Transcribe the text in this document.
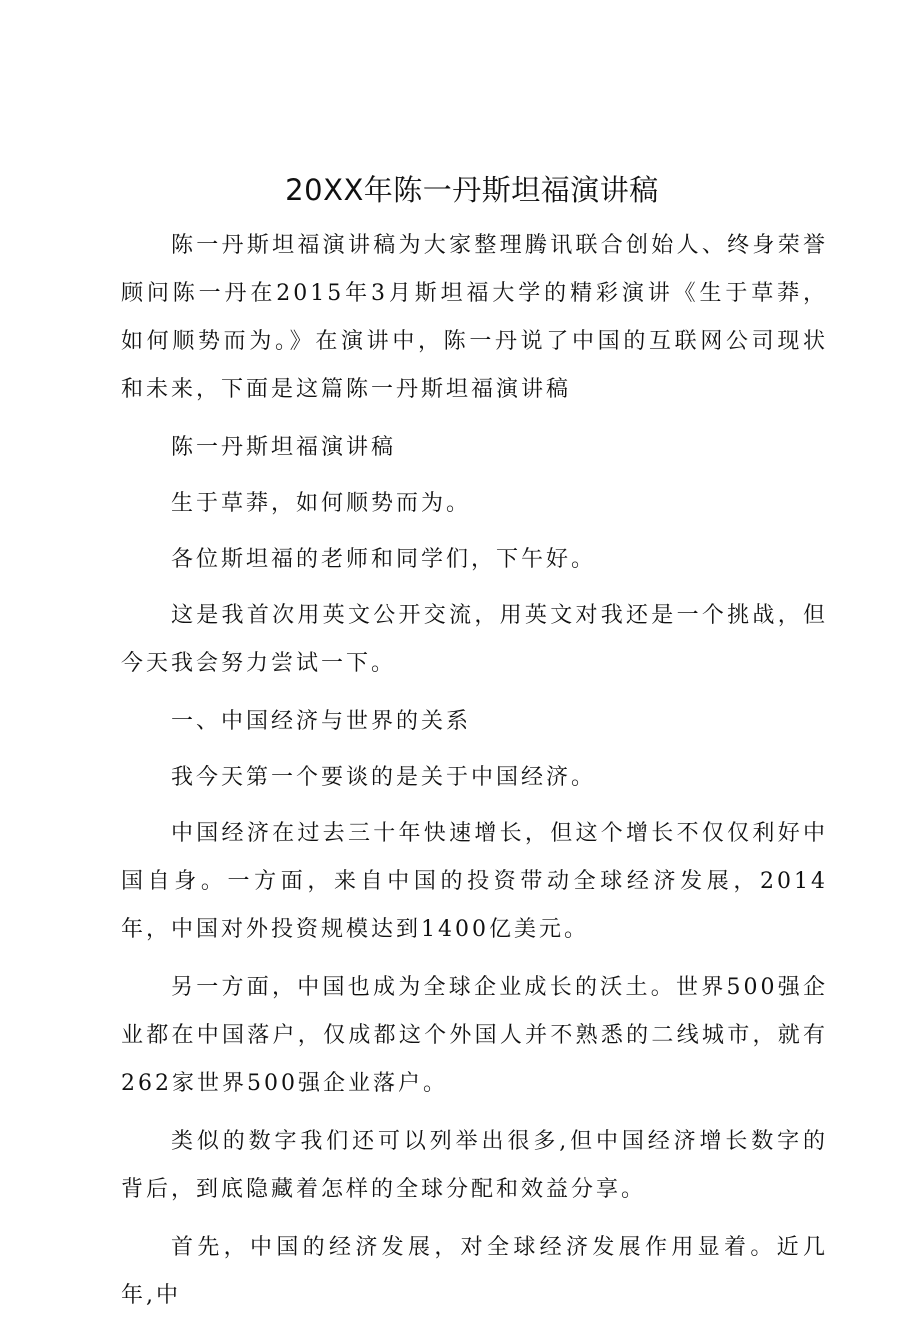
20XX年陈一丹斯坦福演讲稿

陈一丹斯坦福演讲稿为大家整理腾讯联合创始人、终身荣誉顾问陈一丹在2015年3月斯坦福大学的精彩演讲《生于草莽，如何顺势而为。》在演讲中，陈一丹说了中国的互联网公司现状和未来，下面是这篇陈一丹斯坦福演讲稿

陈一丹斯坦福演讲稿

生于草莽，如何顺势而为。

各位斯坦福的老师和同学们，下午好。

这是我首次用英文公开交流，用英文对我还是一个挑战，但今天我会努力尝试一下。

一、中国经济与世界的关系

我今天第一个要谈的是关于中国经济。

中国经济在过去三十年快速增长，但这个增长不仅仅利好中国自身。一方面，来自中国的投资带动全球经济发展，2014年，中国对外投资规模达到1400亿美元。

另一方面，中国也成为全球企业成长的沃土。世界500强企业都在中国落户，仅成都这个外国人并不熟悉的二线城市，就有262家世界500强企业落户。

类似的数字我们还可以列举出很多,但中国经济增长数字的背后，到底隐藏着怎样的全球分配和效益分享。

首先，中国的经济发展，对全球经济发展作用显着。近几年,中
